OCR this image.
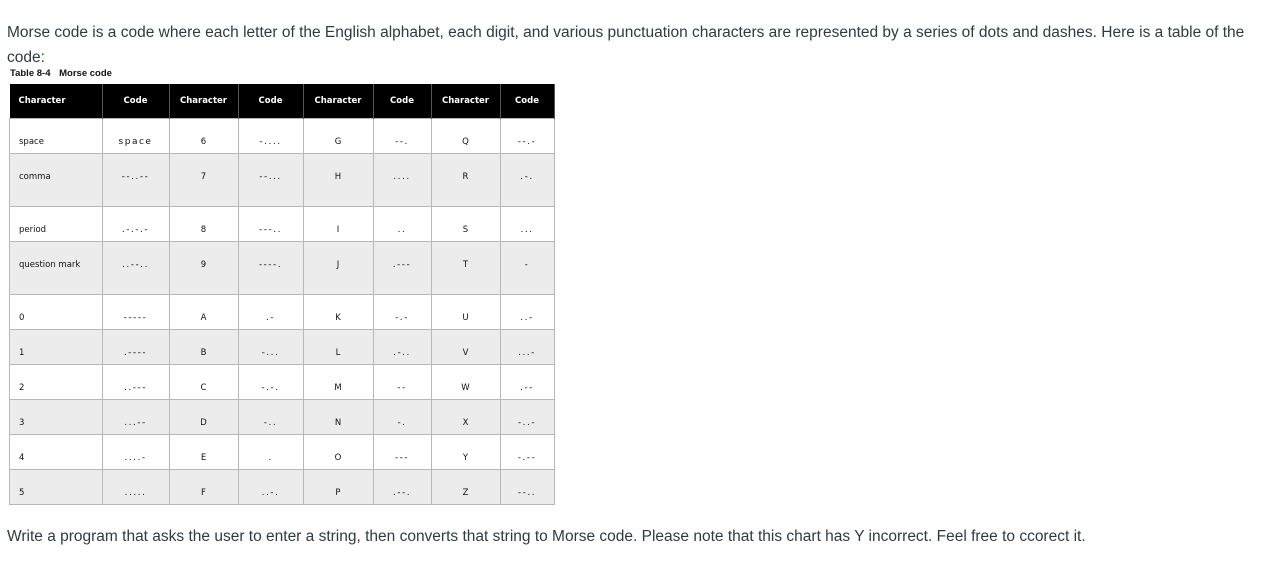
Morse code is a code where each letter of the English alphabet, each digit, and various punctuation characters are represented by a series of dots and dashes. Here is a table of the code:

Table 8-4 Morse code
Character	Code	Character	Code	Character	Code	Character	Code

space	space	6	-....	G	--.	Q	--.-

comma	--..--	7	--...	H	....	R	.-.

period	.-.-.-	8	---..	I	..	S	...

question mark	..--..	9	----.	J	.---	T	-

0	-----	A	.-	K	-.-	U	..-

1	.----	B	-...	L	.-..	V	...-

2	..---	C	-.-.	M	--	W	.--

3	...--	D	-..	N	-.	X	-..-

4	....-	E	.	O	---	Y	-.--

5	.....	F	..-.	P	.--.	Z	--..

Write a program that asks the user to enter a string, then converts that string to Morse code. Please note that this chart has Y incorrect. Feel free to ccorect it.
